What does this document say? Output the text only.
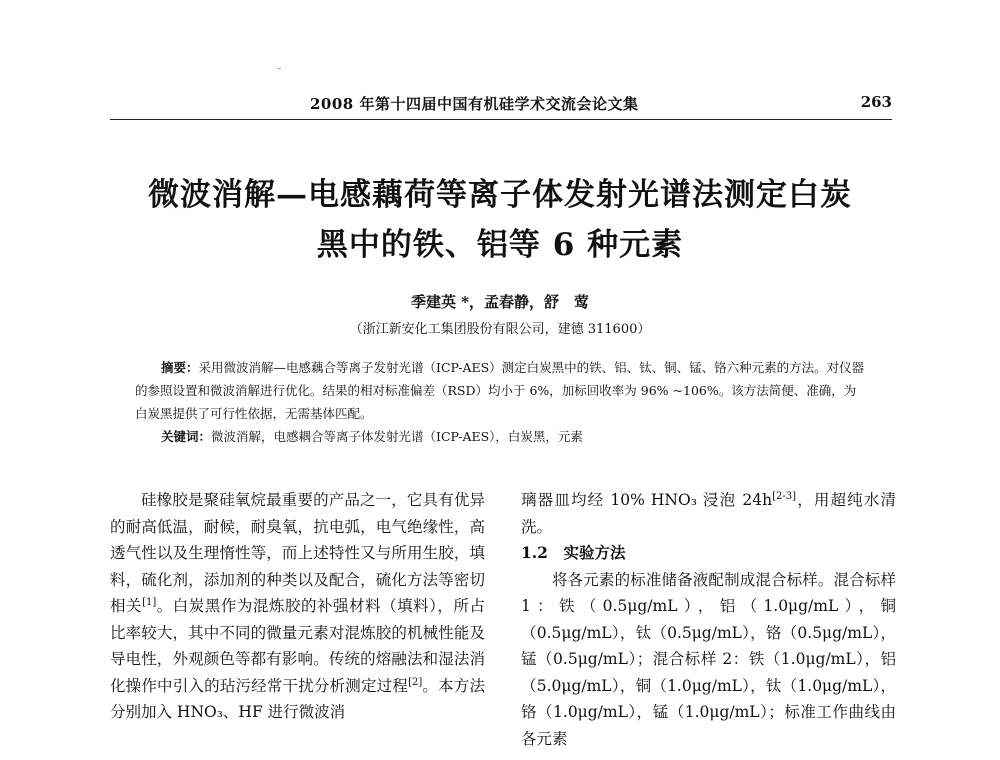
2008 年第十四届中国有机硅学术交流会论文集	263
微波消解—电感藕荷等离子体发射光谱法测定白炭
黑中的铁、铝等 6 种元素
季建英 *，孟春静，舒　莺
（浙江新安化工集团股份有限公司，建德 311600）

摘要：采用微波消解—电感藕合等离子发射光谱（ICP-AES）测定白炭黑中的铁、铝、钛、铜、锰、铬六种元素的方法。对仪器的参照设置和微波消解进行优化。结果的相对标准偏差（RSD）均小于 6%，加标回收率为 96% ~106%。该方法简便、准确，为白炭黑提供了可行性依据，无需基体匹配。

关键词：微波消解，电感耦合等离子体发射光谱（ICP-AES），白炭黑，元素

硅橡胶是聚硅氧烷最重要的产品之一，它具有优异的耐高低温，耐候，耐臭氧，抗电弧，电气绝缘性，高透气性以及生理惰性等，而上述特性又与所用生胶，填料，硫化剂，添加剂的种类以及配合，硫化方法等密切相关[1]。白炭黑作为混炼胶的补强材料（填料），所占比率较大，其中不同的微量元素对混炼胶的机械性能及导电性，外观颜色等都有影响。传统的熔融法和湿法消化操作中引入的玷污经常干扰分析测定过程[2]。本方法分别加入 HNO₃、HF 进行微波消

璃器皿均经 10% HNO₃ 浸泡 24h[2-3]，用超纯水清洗。

1.2　实验方法

将各元素的标准储备液配制成混合标样。混合标样 1：铁（0.5μg/mL），铝（1.0μg/mL），铜（0.5μg/mL），钛（0.5μg/mL），铬（0.5μg/mL），锰（0.5μg/mL）；混合标样 2：铁（1.0μg/mL），铝（5.0μg/mL），铜（1.0μg/mL），钛（1.0μg/mL），铬（1.0μg/mL），锰（1.0μg/mL）；标准工作曲线由各元素
